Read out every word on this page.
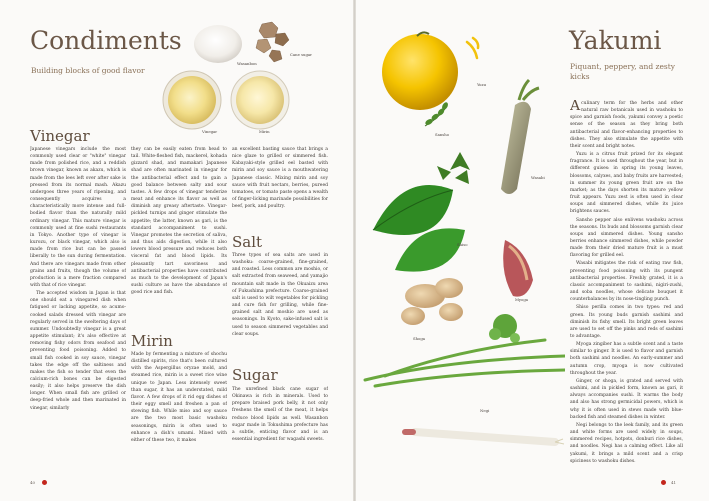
Condiments
Building blocks of good flavor
Wasanbon
Cane sugar
Vinegar	Mirin
Vinegar

Japanese vinegars include the most commonly used clear or "white" vinegar made from polished rice, and a reddish brown vinegar, known as akazu, which is made from the lees left over after sake is pressed from its normal mash. Akazu undergoes three years of ripening, and consequently acquires a characteristically more intense and full-bodied flavor than the naturally mild ordinary vinegar. This mature vinegar is commonly used at fine sushi restaurants in Tokyo. Another type of vinegar is kurozu, or black vinegar, which also is made from rice but can be passed liberally to the sun during fermentation. And there are vinegars made from other grains and fruits, though the volume of production is a mere fraction compared with that of rice vinegar.

The accepted wisdom in Japan is that one should eat a vinegared dish when fatigued or lacking appetite, so acumo-cooked salads dressed with vinegar are regularly served in the sweltering days of summer. Undoubtedly vinegar is a great appetite stimulant; it's also effective at removing fishy odors from seafood and preventing food poisoning. Added to small fish cooked in soy sauce, vinegar takes the edge off the saltiness and makes the fish so tender that even the calcium-rich bones can be digested easily; it also helps preserve the dish longer. When small fish are grilled or deep-fried whole and then marinated in vinegar, similarly

they can be easily eaten from head to tail. White-fleshed fish, mackerel, kohada gizzard shad, and mamakari Japanese shad are often marinated in vinegar for the antibacterial effect and to gain a good balance between salty and sour tastes. A few drops of vinegar tenderize meat and enhance its flavor as well as diminish any greasy aftertaste. Vinegar-pickled turnips and ginger stimulate the appetite; the latter, known as gari, is the standard accompaniment to sushi. Vinegar promotes the secretion of saliva, and thus aids digestion, while it also lowers blood pressure and reduces both visceral fat and blood lipids. Its pleasantly tart savoriness and antibacterial properties have contributed as much to the development of Japan's sushi culture as have the abundance of good rice and fish.

Mirin

Made by fermenting a mixture of shochu distilled spirits, rice that's been cultured with the Aspergillus oryzae mold, and steamed rice, mirin is a sweet rice wine unique to Japan. Less intensely sweet than sugar, it has an understated, mild flavor. A few drops of it rid egg dishes of their eggy smell and freshen a pan of stewing fish. While miso and soy sauce are the two most basic washoku seasonings, mirin is often used to enhance a dish's umami. Mixed with either of these two, it makes

an excellent basting sauce that brings a nice glaze to grilled or simmered fish. Kabayaki-style grilled eel basted with mirin and soy sauce is a mouthwatering Japanese classic. Mixing mirin and soy sauce with fruit nectars, berries, pureed tomatoes, or tomato paste opens a wealth of finger-licking marinade possibilities for beef, pork, and poultry.

Salt

Three types of sea salts are used in washoku: coarse-grained, fine-grained, and roasted. Less common are moshio, or salt extracted from seaweed, and yamajio mountain salt made in the Okuaizu area of Fukushima prefecture. Coarse-grained salt is used to wilt vegetables for pickling and cure fish for grilling, while fine-grained salt and moshio are used as seasonings. In Kyoto, sake-infused salt is used to season simmered vegetables and clear soups.

Sugar

The unrefined black cane sugar of Okinawa is rich in minerals. Used to prepare braised pork belly, it not only freshens the smell of the meat, it helps reduce blood lipids as well. Wasanbon sugar made in Tokushima prefecture has a subtle, enticing flavor and is an essential ingredient for wagashi sweets.

40
Yuzu
Sansho
Wasabi
Shiso
Myoga
Shoga
Negi
Yakumi
Piquant, peppery, and zesty kicks

Aculinary term for the herbs and other natural raw botanicals used in washoku to spice and garnish foods, yakumi convey a poetic sense of the season as they bring both antibacterial and flavor-enhancing properties to dishes. They also stimulate the appetite with their scent and bright notes.

Yuzu is a citrus fruit prized for its elegant fragrance. It is used throughout the year, but in different guises: in spring its young leaves, blossoms, calyxes, and baby fruits are harvested; in summer its young green fruit are on the market; as the days shorten its mature yellow fruit appears. Yuzu zest is often used in clear soups and simmered dishes, while its juice brightens sauces.

Sansho pepper also enlivens washoku across the seasons. Its buds and blossoms garnish clear soups and simmered dishes. Young sansho berries enhance simmered dishes, while powder made from their dried mature fruit is a must flavoring for grilled eel.

Wasabi mitigates the risk of eating raw fish, preventing food poisoning with its pungent antibacterial properties. Freshly grated, it is a classic accompaniment to sashimi, nigiri-zushi, and soba noodles, whose delicate bouquet it counterbalances by its nose-tingling punch.

Shiso perilla comes in two types: red and green. Its young buds garnish sashimi and diminish its fishy smell. Its bright green leaves are used to set off the pinks and reds of sashimi to advantage.

Myoga zingiber has a subtle scent and a taste similar to ginger. It is used to flavor and garnish both sashimi and noodles. An early-summer and autumn crop, myoga is now cultivated throughout the year.

Ginger, or shoga, is grated and served with sashimi, and in pickled form, known as gari, it always accompanies sushi. It warms the body and also has strong germicidal powers, which is why it is often used in stews made with blue-backed fish and steamed dishes in winter.

Negi belongs to the leek family, and its green and white forms are used widely in soups, simmered recipes, hotpots, donburi rice dishes, and noodles. Negi has a calming effect. Like all yakumi, it brings a mild scent and a crisp spiciness to washoku dishes.

41
